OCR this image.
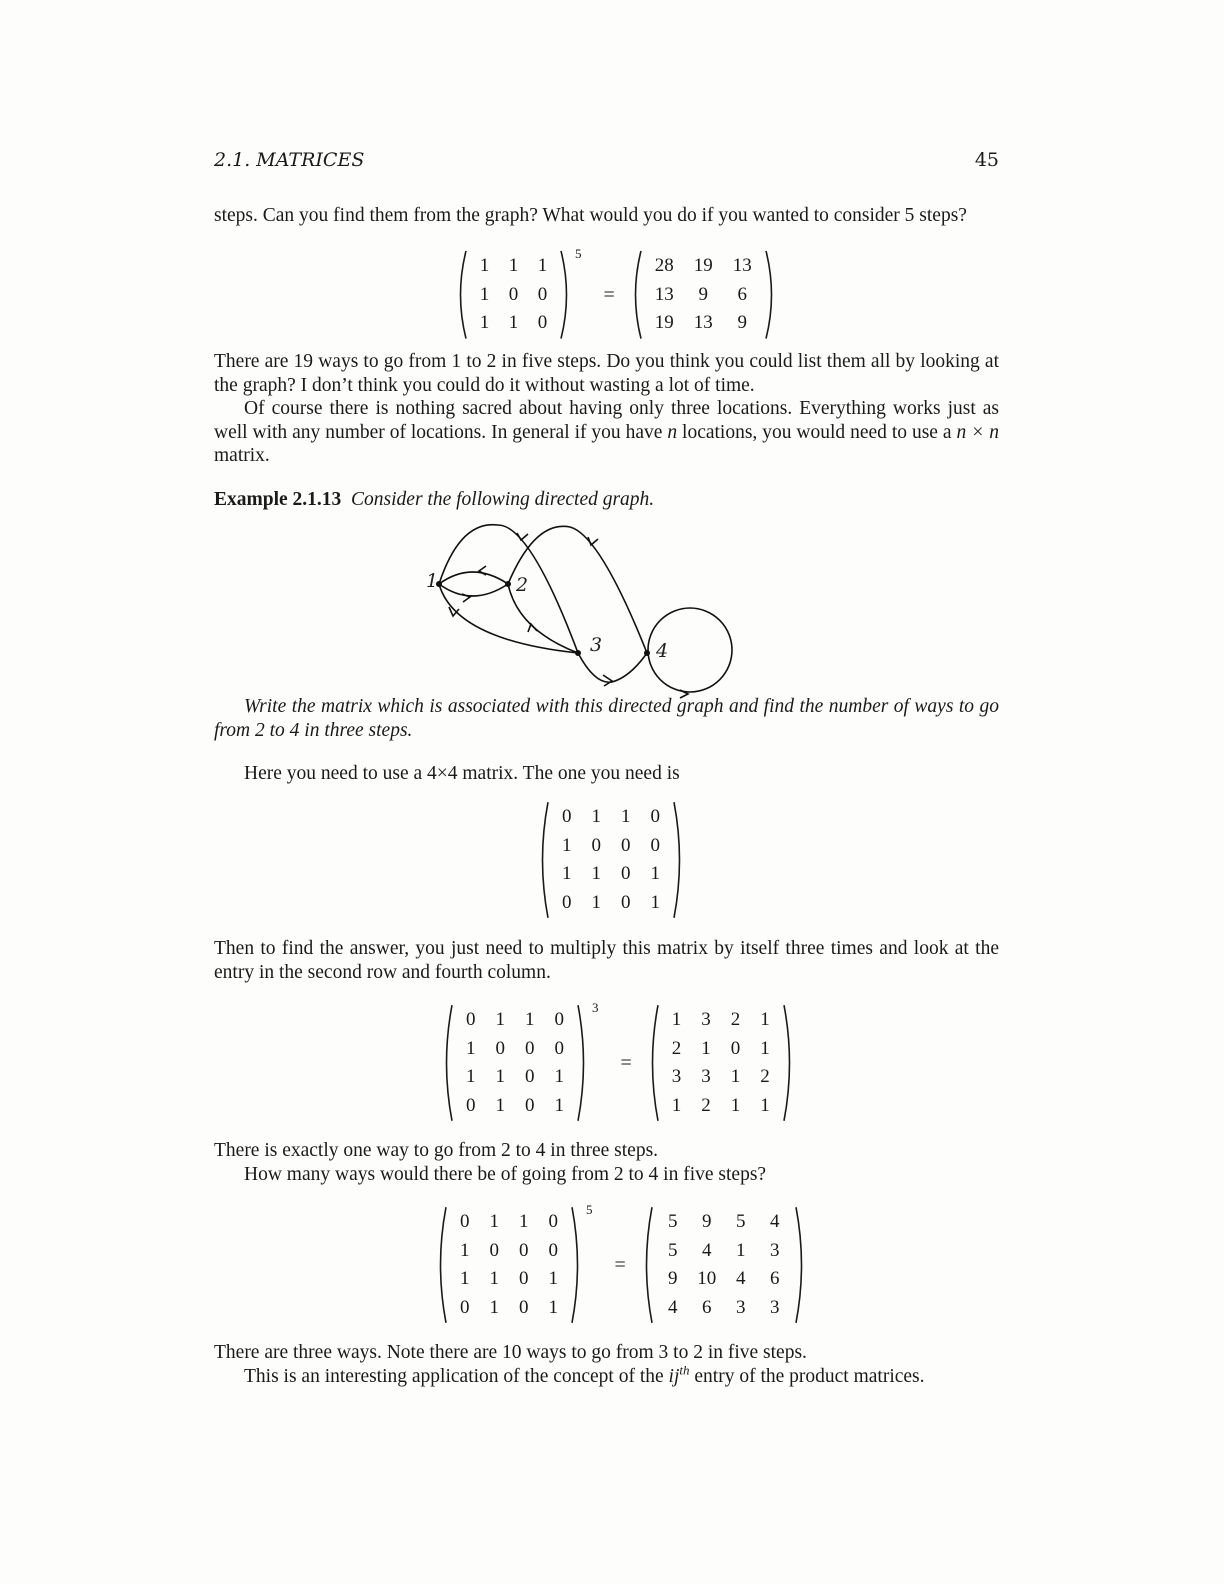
2.1. MATRICES	45
steps. Can you find them from the graph? What would you do if you wanted to consider 5 steps?
1	1	1
1	0	0
1	1	0
5
=
28	19	13
13	9	6
19	13	9
There are 19 ways to go from 1 to 2 in five steps. Do you think you could list them all by looking at the graph? I don’t think you could do it without wasting a lot of time.
Of course there is nothing sacred about having only three locations. Everything works just as well with any number of locations. In general if you have n locations, you would need to use a n × n matrix.
Example 2.1.13 Consider the following directed graph.
Write the matrix which is associated with this directed graph and find the number of ways to go from 2 to 4 in three steps.
Here you need to use a 4×4 matrix. The one you need is
0	1	1	0
1	0	0	0
1	1	0	1
0	1	0	1
Then to find the answer, you just need to multiply this matrix by itself three times and look at the entry in the second row and fourth column.
0	1	1	0
1	0	0	0
1	1	0	1
0	1	0	1
3
=
1	3	2	1
2	1	0	1
3	3	1	2
1	2	1	1
There is exactly one way to go from 2 to 4 in three steps.
How many ways would there be of going from 2 to 4 in five steps?
0	1	1	0
1	0	0	0
1	1	0	1
0	1	0	1
5
=
5	9	5	4
5	4	1	3
9	10	4	6
4	6	3	3
There are three ways. Note there are 10 ways to go from 3 to 2 in five steps.
This is an interesting application of the concept of the $ij^{th}$ entry of the product matrices.
1	2
3	4
